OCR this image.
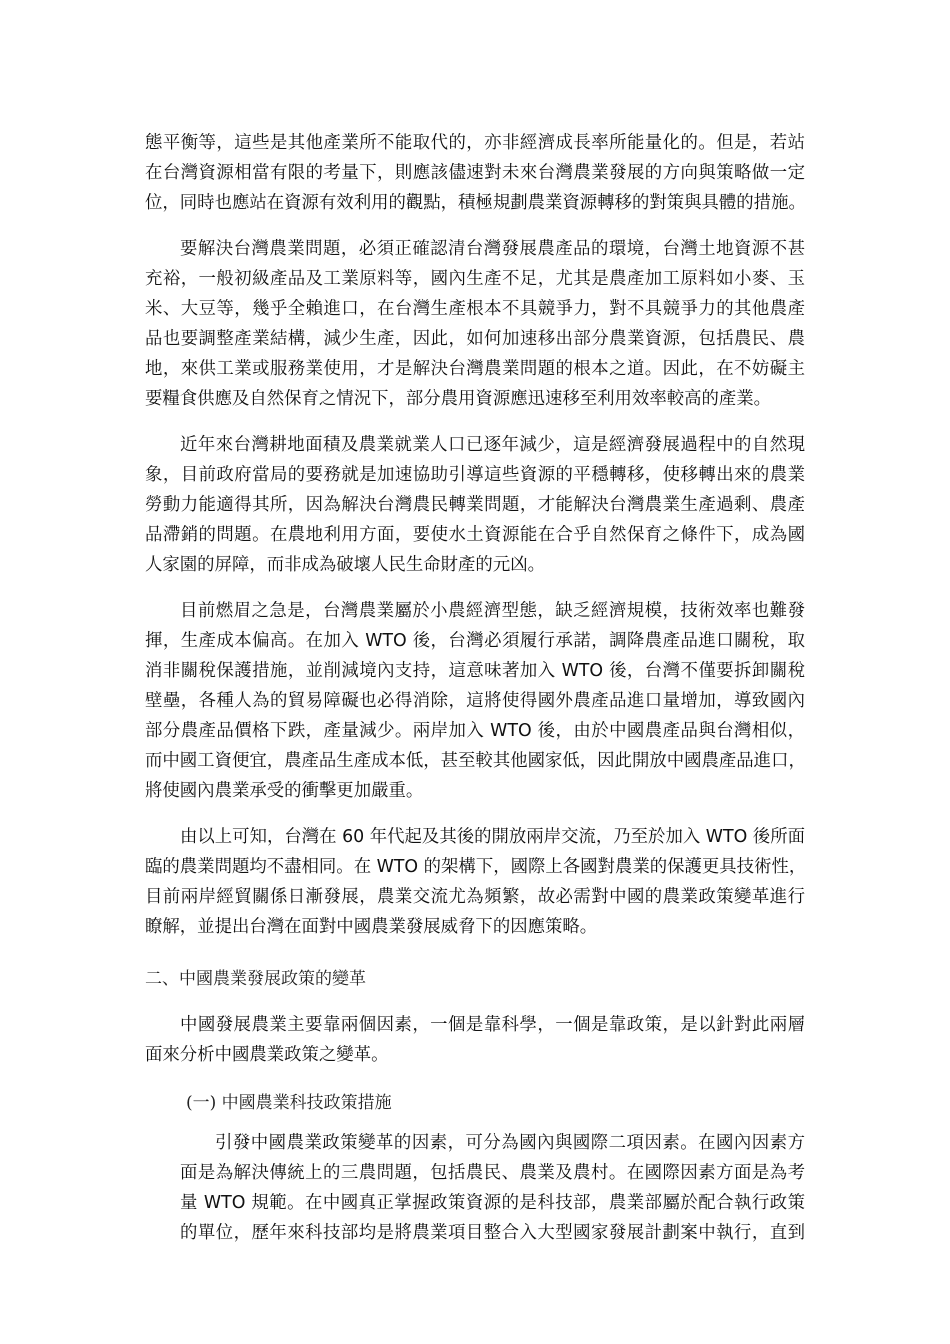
態平衡等，這些是其他產業所不能取代的，亦非經濟成長率所能量化的。但是，若站

在台灣資源相當有限的考量下，則應該儘速對未來台灣農業發展的方向與策略做一定

位，同時也應站在資源有效利用的觀點，積極規劃農業資源轉移的對策與具體的措施。

要解決台灣農業問題，必須正確認清台灣發展農產品的環境，台灣土地資源不甚

充裕，一般初級產品及工業原料等，國內生產不足，尤其是農產加工原料如小麥、玉

米、大豆等，幾乎全賴進口，在台灣生產根本不具競爭力，對不具競爭力的其他農產

品也要調整產業結構，減少生產，因此，如何加速移出部分農業資源，包括農民、農

地，來供工業或服務業使用，才是解決台灣農業問題的根本之道。因此，在不妨礙主

要糧食供應及自然保育之情況下，部分農用資源應迅速移至利用效率較高的產業。

近年來台灣耕地面積及農業就業人口已逐年減少，這是經濟發展過程中的自然現

象，目前政府當局的要務就是加速協助引導這些資源的平穩轉移，使移轉出來的農業

勞動力能適得其所，因為解決台灣農民轉業問題，才能解決台灣農業生產過剩、農產

品滯銷的問題。在農地利用方面，要使水土資源能在合乎自然保育之條件下，成為國

人家園的屏障，而非成為破壞人民生命財產的元凶。

目前燃眉之急是，台灣農業屬於小農經濟型態，缺乏經濟規模，技術效率也難發

揮，生產成本偏高。在加入 WTO 後，台灣必須履行承諾，調降農產品進口關稅，取

消非關稅保護措施，並削減境內支持，這意味著加入 WTO 後，台灣不僅要拆卸關稅

壁壘，各種人為的貿易障礙也必得消除，這將使得國外農產品進口量增加，導致國內

部分農產品價格下跌，產量減少。兩岸加入 WTO 後，由於中國農產品與台灣相似，

而中國工資便宜，農產品生產成本低，甚至較其他國家低，因此開放中國農產品進口，

將使國內農業承受的衝擊更加嚴重。

由以上可知，台灣在 60 年代起及其後的開放兩岸交流，乃至於加入 WTO 後所面

臨的農業問題均不盡相同。在 WTO 的架構下，國際上各國對農業的保護更具技術性，

目前兩岸經貿關係日漸發展，農業交流尤為頻繁，故必需對中國的農業政策變革進行

瞭解，並提出台灣在面對中國農業發展威脅下的因應策略。

二、中國農業發展政策的變革

中國發展農業主要靠兩個因素，一個是靠科學，一個是靠政策，是以針對此兩層

面來分析中國農業政策之變革。

(一) 中國農業科技政策措施

引發中國農業政策變革的因素，可分為國內與國際二項因素。在國內因素方

面是為解決傳統上的三農問題，包括農民、農業及農村。在國際因素方面是為考

量 WTO 規範。在中國真正掌握政策資源的是科技部，農業部屬於配合執行政策

的單位，歷年來科技部均是將農業項目整合入大型國家發展計劃案中執行，直到
